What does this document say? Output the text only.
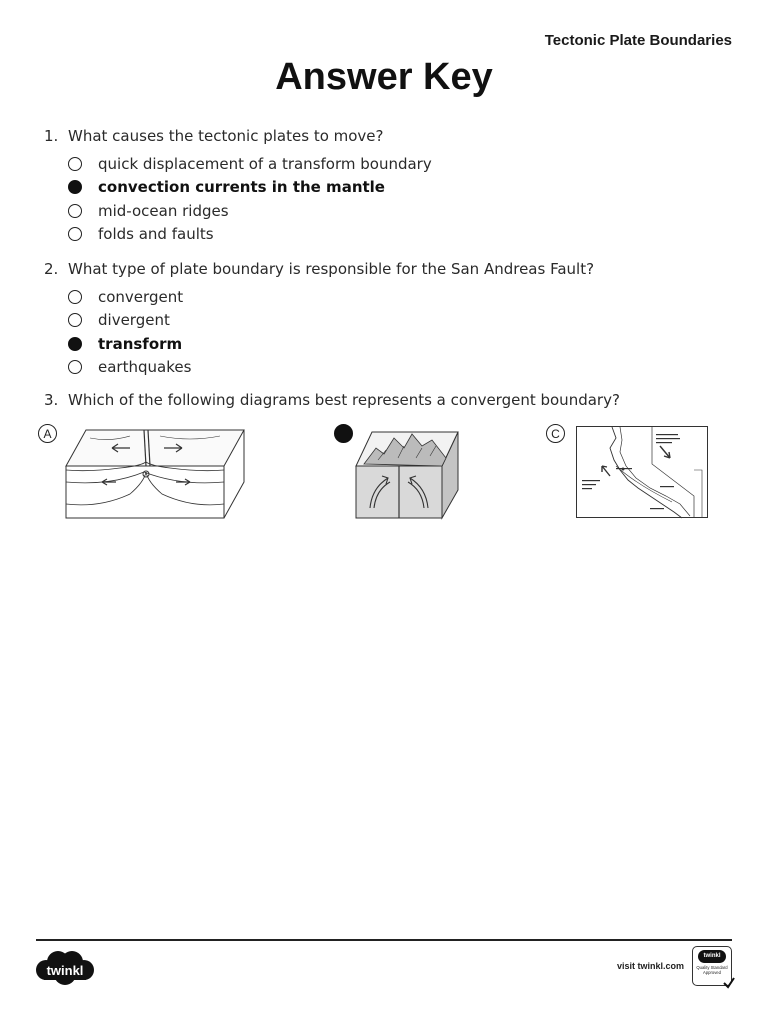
Tectonic Plate Boundaries
Answer Key
1. What causes the tectonic plates to move?
quick displacement of a transform boundary
convection currents in the mantle
mid-ocean ridges
folds and faults
2. What type of plate boundary is responsible for the San Andreas Fault?
convergent
divergent
transform
earthquakes
3. Which of the following diagrams best represents a convergent boundary?
A	C
twinkl	visit twinkl.com
twinkl
Quality Standard
Approved
